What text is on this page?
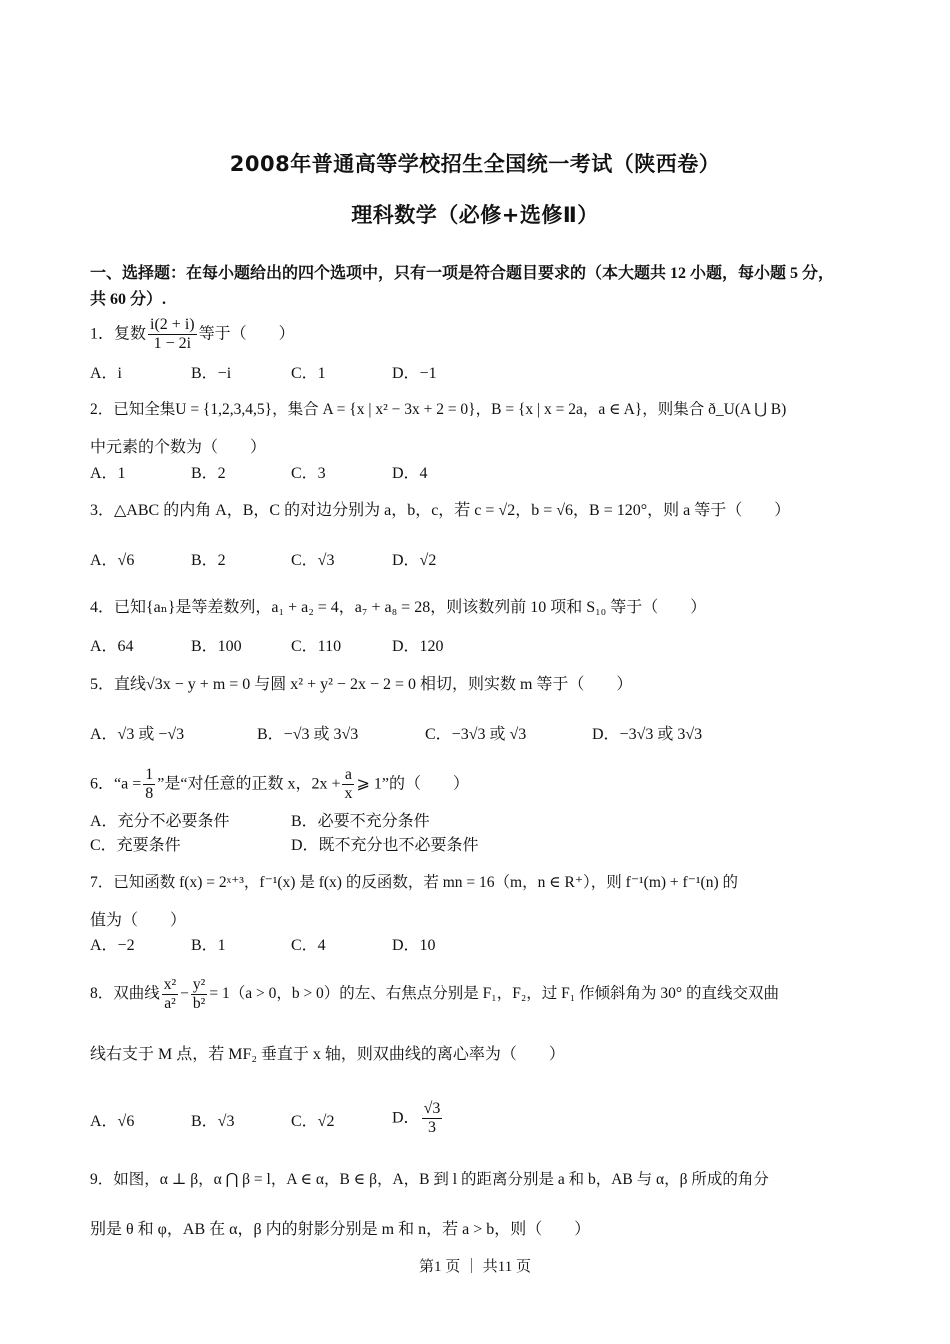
2008年普通高等学校招生全国统一考试（陕西卷）
理科数学（必修+选修Ⅱ）
一、选择题：在每小题给出的四个选项中，只有一项是符合题目要求的（本大题共 12 小题，每小题 5 分，
共 60 分）.
1．复数 $\frac{i(2 + i)}{1 - 2i}$ 等于（　　）
A．i	B．−i	C．1	D．−1
2．已知全集U = {1,2,3,4,5}，集合 A = {x | x² − 3x + 2 = 0}，B = {x | x = 2a，a ∈ A}，则集合 ð_U(A ⋃ B)
中元素的个数为（　　）
A．1	B．2	C．3	D．4
3．△ABC 的内角 A，B，C 的对边分别为 a，b，c，若 c = √2，b = √6，B = 120°，则 a 等于（　　）
A．√6	B．2	C．√3	D．√2
4．已知{aₙ}是等差数列，a₁ + a₂ = 4，a₇ + a₈ = 28，则该数列前 10 项和 S₁₀ 等于（　　）
A．64	B．100	C．110	D．120
5．直线√3x − y + m = 0 与圆 x² + y² − 2x − 2 = 0 相切，则实数 m 等于（　　）
A．√3 或 −√3	B．−√3 或 3√3	C．−3√3 或 √3	D．−3√3 或 3√3
6．“$a = \frac{1}{8}$ ”是“对任意的正数 x，$2x + \frac{a}{x}$ ⩾ 1”的（　　）
A．充分不必要条件	B．必要不充分条件
C．充要条件	D．既不充分也不必要条件
7．已知函数 f(x) = 2ˣ⁺³，f⁻¹(x) 是 f(x) 的反函数，若 mn = 16（m，n ∈ R⁺），则 f⁻¹(m) + f⁻¹(n) 的
值为（　　）
A．−2	B．1	C．4	D．10
8．双曲线 $\frac{\text{x²}}{\text{a²}} - \frac{\text{y²}}{\text{b²}} = 1(a > 0$，b > 0）的左、右焦点分别是 F₁，F₂，过 F₁ 作倾斜角为 30° 的直线交双曲
线右支于 M 点，若 MF₂ 垂直于 x 轴，则双曲线的离心率为（　　）
A．√6	B．√3	C．√2	D． $\frac{√3}{3}$
9．如图，α ⊥ β，α ⋂ β = l，A ∈ α，B ∈ β，A，B 到 l 的距离分别是 a 和 b，AB 与 α，β 所成的角分
别是 θ 和 φ，AB 在 α，β 内的射影分别是 m 和 n，若 a > b，则（　　）
第1 页 ｜ 共11 页
